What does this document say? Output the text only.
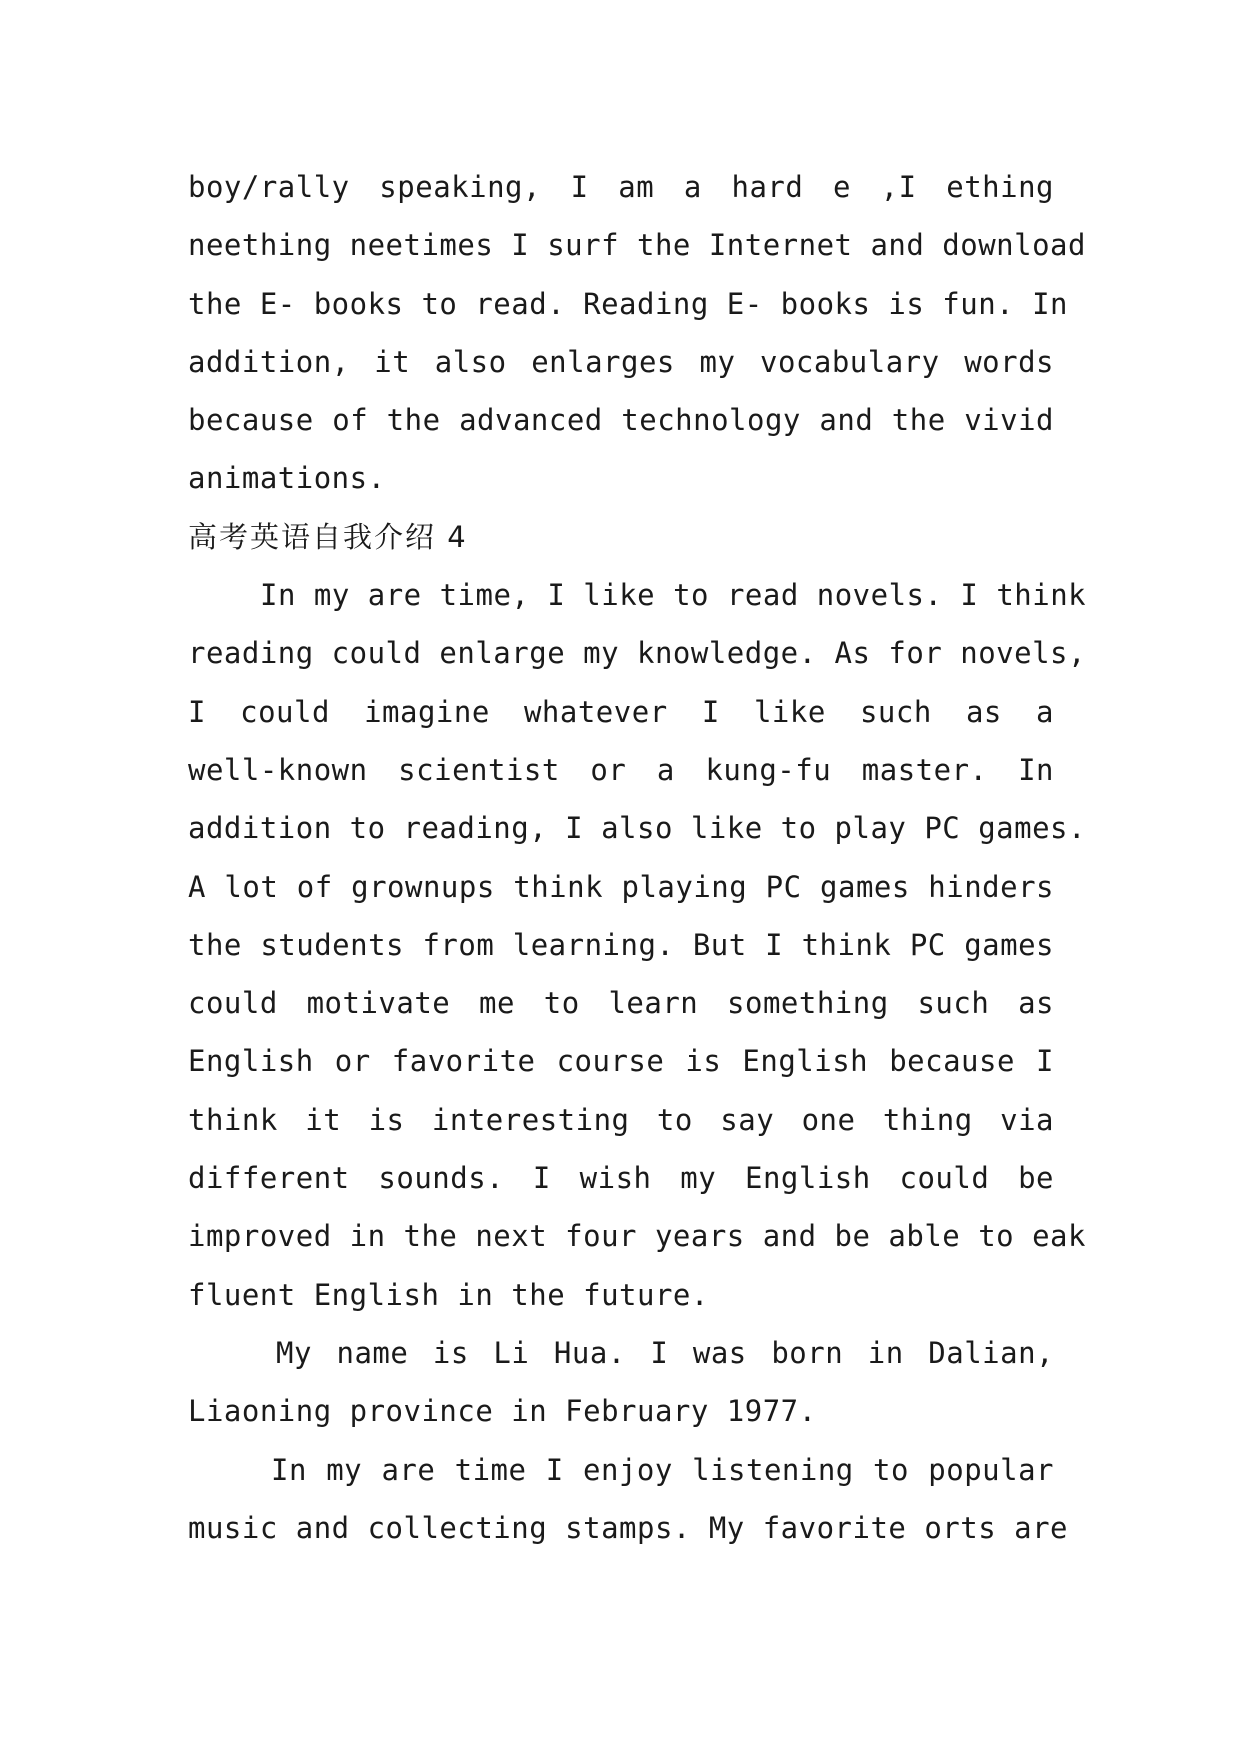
boy/rally speaking, I am a hard e ,I ething
neething neetimes I surf the Internet and download
the E- books to read. Reading E- books is fun. In
addition, it also enlarges my vocabulary words
because of the advanced technology and the vivid
animations.
高考英语自我介绍 4
In my are time, I like to read novels. I think
reading could enlarge my knowledge. As for novels,
I could imagine whatever I like such as a
well-known scientist or a kung-fu master. In
addition to reading, I also like to play PC games.
A lot of grownups think playing PC games hinders
the students from learning. But I think PC games
could motivate me to learn something such as
English or favorite course is English because I
think it is interesting to say one thing via
different sounds. I wish my English could be
improved in the next four years and be able to eak
fluent English in the future.
My name is Li Hua. I was born in Dalian,
Liaoning province in February 1977.
In my are time I enjoy listening to popular
music and collecting stamps. My favorite orts are
